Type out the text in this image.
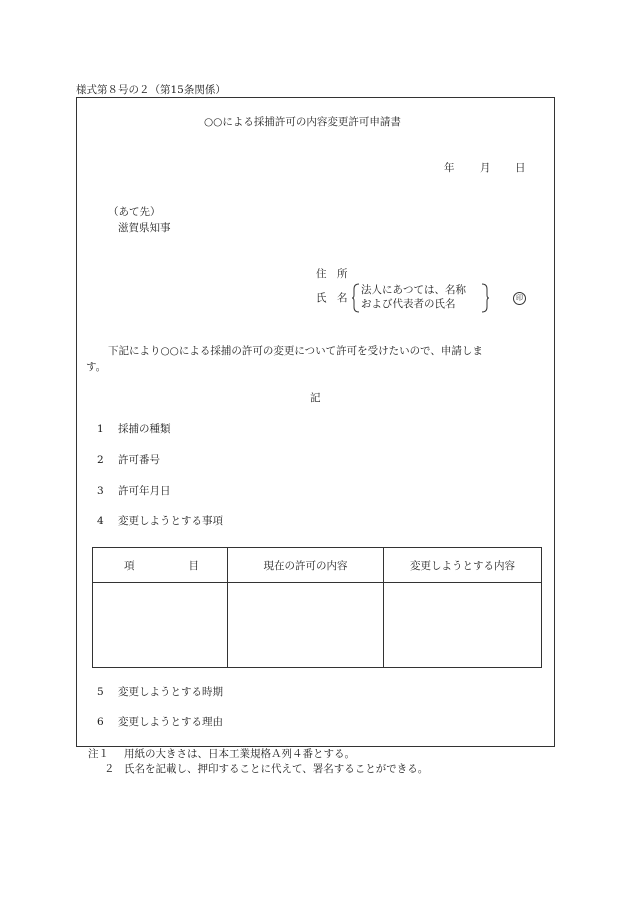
様式第８号の２（第15条関係）
○○による採捕許可の内容変更許可申請書
年 月 日
（あて先）
滋賀県知事
住　所
氏　名
法人にあつては、名称
および代表者の氏名	印
下記により○○による採捕の許可の変更について許可を受けたいので、申請しま
す。
記
1 採捕の種類
2 許可番号
3 許可年月日
4 変更しようとする事項
項 目	現在の許可の内容	変更しようとする内容

5 変更しようとする時期
6 変更しようとする理由
注１ 用紙の大きさは、日本工業規格Ａ列４番とする。
２ 氏名を記載し、押印することに代えて、署名することができる。
